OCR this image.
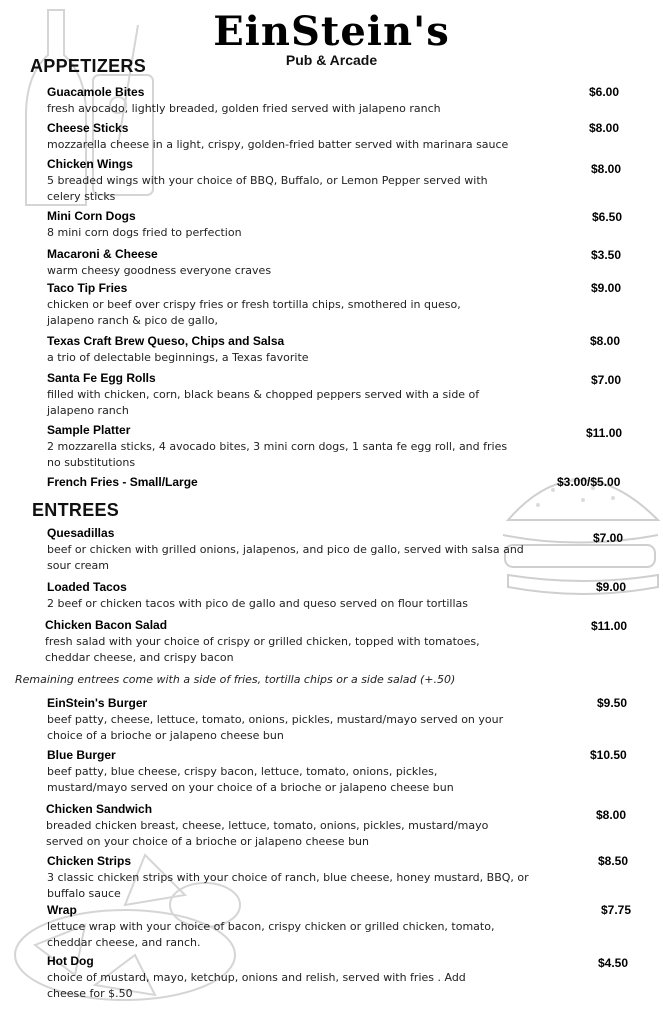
EinStein's
Pub & Arcade
APPETIZERS
Guacamole Bites
fresh avocado, lightly breaded, golden fried served with jalapeno ranch
$6.00
Cheese Sticks
mozzarella cheese in a light, crispy, golden-fried batter served with marinara sauce
$8.00
Chicken Wings
5 breaded wings with your choice of BBQ, Buffalo, or Lemon Pepper served with celery sticks
$8.00
Mini Corn Dogs
8 mini corn dogs fried to perfection
$6.50
Macaroni & Cheese
warm cheesy goodness everyone craves
$3.50
Taco Tip Fries
chicken or beef over crispy fries or fresh tortilla chips, smothered in queso, jalapeno ranch & pico de gallo,
$9.00
Texas Craft Brew Queso, Chips and Salsa
a trio of delectable beginnings, a Texas favorite
$8.00
Santa Fe Egg Rolls
filled with chicken, corn, black beans & chopped peppers served with a side of jalapeno ranch
$7.00
Sample Platter
2 mozzarella sticks, 4 avocado bites, 3 mini corn dogs, 1 santa fe egg roll, and fries no substitutions
$11.00
French Fries - Small/Large	$3.00/$5.00
ENTREES
Quesadillas
beef or chicken with grilled onions, jalapenos, and pico de gallo, served with salsa and sour cream
$7.00
Loaded Tacos
2 beef or chicken tacos with pico de gallo and queso served on flour tortillas
$9.00
Chicken Bacon Salad
fresh salad with your choice of crispy or grilled chicken, topped with tomatoes, cheddar cheese, and crispy bacon
$11.00
Remaining entrees come with a side of fries, tortilla chips or a side salad (+.50)
EinStein's Burger
beef patty, cheese, lettuce, tomato, onions, pickles, mustard/mayo served on your choice of a brioche or jalapeno cheese bun
$9.50
Blue Burger
beef patty, blue cheese, crispy bacon, lettuce, tomato, onions, pickles, mustard/mayo served on your choice of a brioche or jalapeno cheese bun
$10.50
Chicken Sandwich
breaded chicken breast, cheese, lettuce, tomato, onions, pickles, mustard/mayo served on your choice of a brioche or jalapeno cheese bun
$8.00
Chicken Strips
3 classic chicken strips with your choice of ranch, blue cheese, honey mustard, BBQ, or buffalo sauce
$8.50
Wrap
lettuce wrap with your choice of bacon, crispy chicken or grilled chicken, tomato, cheddar cheese, and ranch.
$7.75
Hot Dog
choice of mustard, mayo, ketchup, onions and relish, served with fries . Add cheese for $.50
$4.50
